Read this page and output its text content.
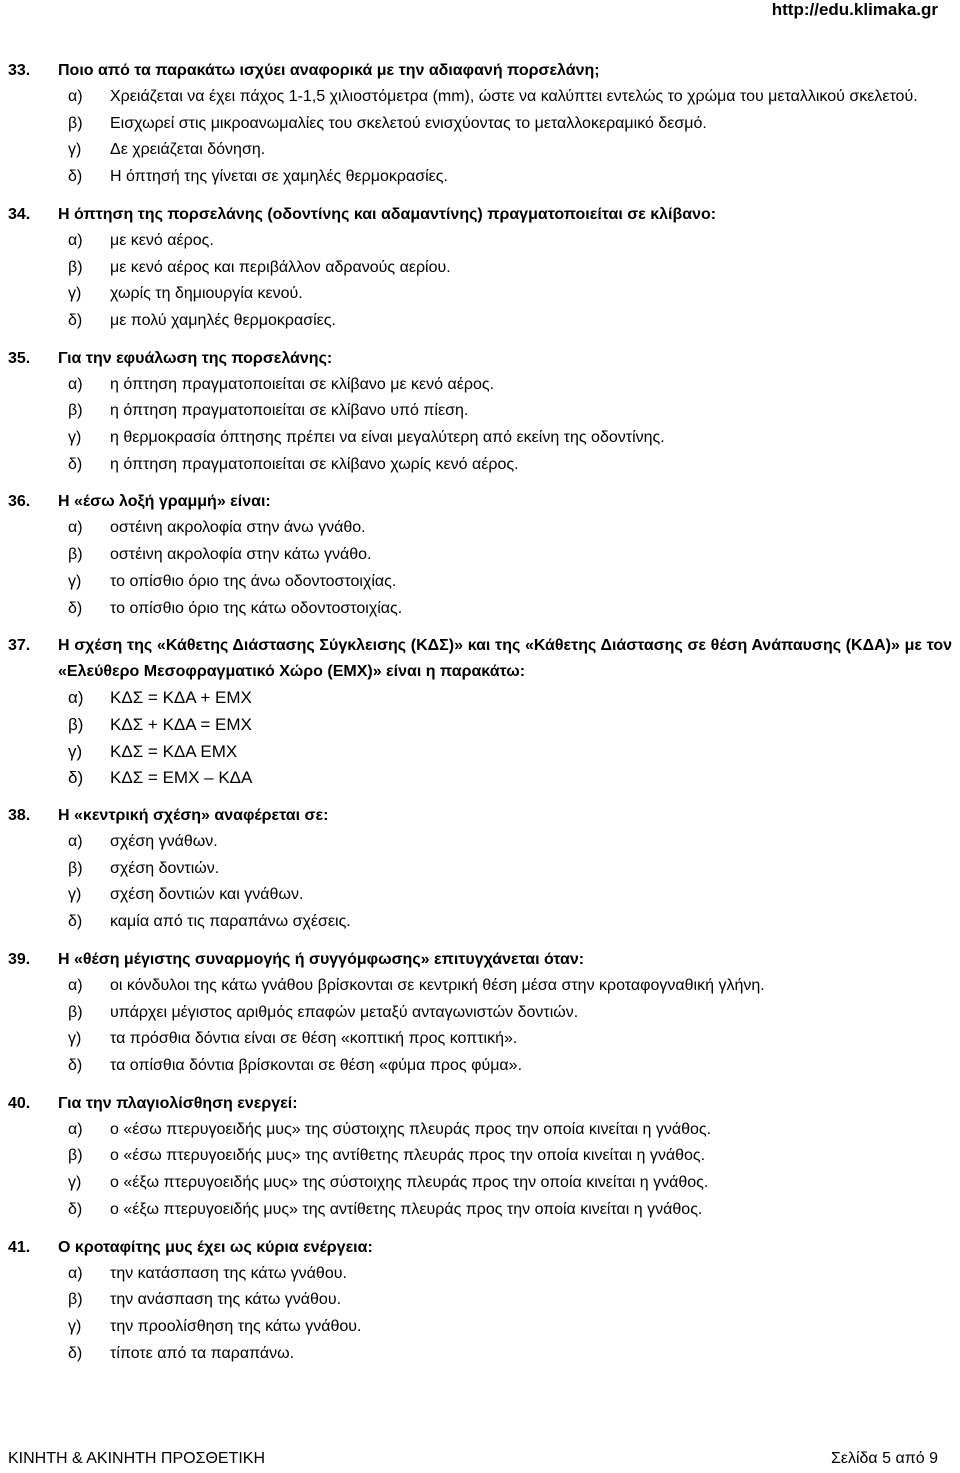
http://edu.klimaka.gr
33. Ποιο από τα παρακάτω ισχύει αναφορικά με την αδιαφανή πορσελάνη;
α) Χρειάζεται να έχει πάχος 1-1,5 χιλιοστόμετρα (mm), ώστε να καλύπτει εντελώς το χρώμα του μεταλλικού σκελετού.
β) Εισχωρεί στις μικροανωμαλίες του σκελετού ενισχύοντας το μεταλλοκεραμικό δεσμό.
γ) Δε χρειάζεται δόνηση.
δ) Η όπτησή της γίνεται σε χαμηλές θερμοκρασίες.
34. Η όπτηση της πορσελάνης (οδοντίνης και αδαμαντίνης) πραγματοποιείται σε κλίβανο:
α) με κενό αέρος.
β) με κενό αέρος και περιβάλλον αδρανούς αερίου.
γ) χωρίς τη δημιουργία κενού.
δ) με πολύ χαμηλές θερμοκρασίες.
35. Για την εφυάλωση της πορσελάνης:
α) η όπτηση πραγματοποιείται σε κλίβανο με κενό αέρος.
β) η όπτηση πραγματοποιείται σε κλίβανο υπό πίεση.
γ) η θερμοκρασία όπτησης πρέπει να είναι μεγαλύτερη από εκείνη της οδοντίνης.
δ) η όπτηση πραγματοποιείται σε κλίβανο χωρίς κενό αέρος.
36. Η «έσω λοξή γραμμή» είναι:
α) οστέινη ακρολοφία στην άνω γνάθο.
β) οστέινη ακρολοφία στην κάτω γνάθο.
γ) το οπίσθιο όριο της άνω οδοντοστοιχίας.
δ) το οπίσθιο όριο της κάτω οδοντοστοιχίας.
37. Η σχέση της «Κάθετης Διάστασης Σύγκλεισης (ΚΔΣ)» και της «Κάθετης Διάστασης σε θέση Ανάπαυσης (ΚΔΑ)» με τον «Ελεύθερο Μεσοφραγματικό Χώρο (ΕΜΧ)» είναι η παρακάτω:
α) ΚΔΣ = ΚΔΑ + ΕΜΧ
β) ΚΔΣ + ΚΔΑ = ΕΜΧ
γ) ΚΔΣ = ΚΔΑ ΕΜΧ
δ) ΚΔΣ = ΕΜΧ – ΚΔΑ
38. Η «κεντρική σχέση» αναφέρεται σε:
α) σχέση γνάθων.
β) σχέση δοντιών.
γ) σχέση δοντιών και γνάθων.
δ) καμία από τις παραπάνω σχέσεις.
39. Η «θέση μέγιστης συναρμογής ή συγγόμφωσης» επιτυγχάνεται όταν:
α) οι κόνδυλοι της κάτω γνάθου βρίσκονται σε κεντρική θέση μέσα στην κροταφογναθική γλήνη.
β) υπάρχει μέγιστος αριθμός επαφών μεταξύ ανταγωνιστών δοντιών.
γ) τα πρόσθια δόντια είναι σε θέση «κοπτική προς κοπτική».
δ) τα οπίσθια δόντια βρίσκονται σε θέση «φύμα προς φύμα».
40. Για την πλαγιολίσθηση ενεργεί:
α) ο «έσω πτερυγοειδής μυς» της σύστοιχης πλευράς προς την οποία κινείται η γνάθος.
β) ο «έσω πτερυγοειδής μυς» της αντίθετης πλευράς προς την οποία κινείται η γνάθος.
γ) ο «έξω πτερυγοειδής μυς» της σύστοιχης πλευράς προς την οποία κινείται η γνάθος.
δ) ο «έξω πτερυγοειδής μυς» της αντίθετης πλευράς προς την οποία κινείται η γνάθος.
41. Ο κροταφίτης μυς έχει ως κύρια ενέργεια:
α) την κατάσπαση της κάτω γνάθου.
β) την ανάσπαση της κάτω γνάθου.
γ) την προολίσθηση της κάτω γνάθου.
δ) τίποτε από τα παραπάνω.
ΚΙΝΗΤΗ & ΑΚΙΝΗΤΗ ΠΡΟΣΘΕΤΙΚΗ	Σελίδα 5 από 9
